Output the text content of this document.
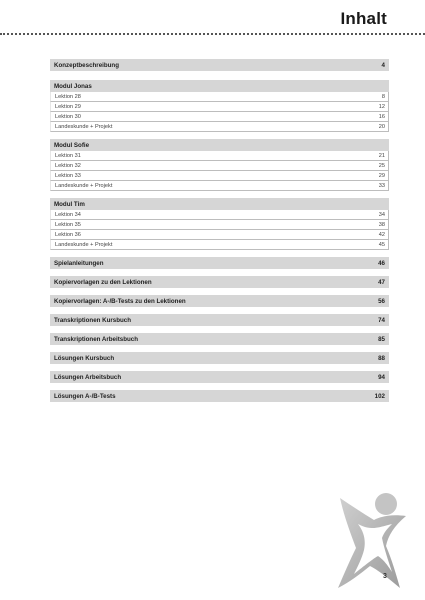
Inhalt
Konzeptbeschreibung	4
Modul Jonas
Lektion 28	8
Lektion 29	12
Lektion 30	16
Landeskunde + Projekt	20
Modul Sofie
Lektion 31	21
Lektion 32	25
Lektion 33	29
Landeskunde + Projekt	33
Modul Tim
Lektion 34	34
Lektion 35	38
Lektion 36	42
Landeskunde + Projekt	45
Spielanleitungen	46
Kopiervorlagen zu den Lektionen	47
Kopiervorlagen: A-/B-Tests zu den Lektionen	56
Transkriptionen Kursbuch	74
Transkriptionen Arbeitsbuch	85
Lösungen Kursbuch	88
Lösungen Arbeitsbuch	94
Lösungen A-/B-Tests	102
3
